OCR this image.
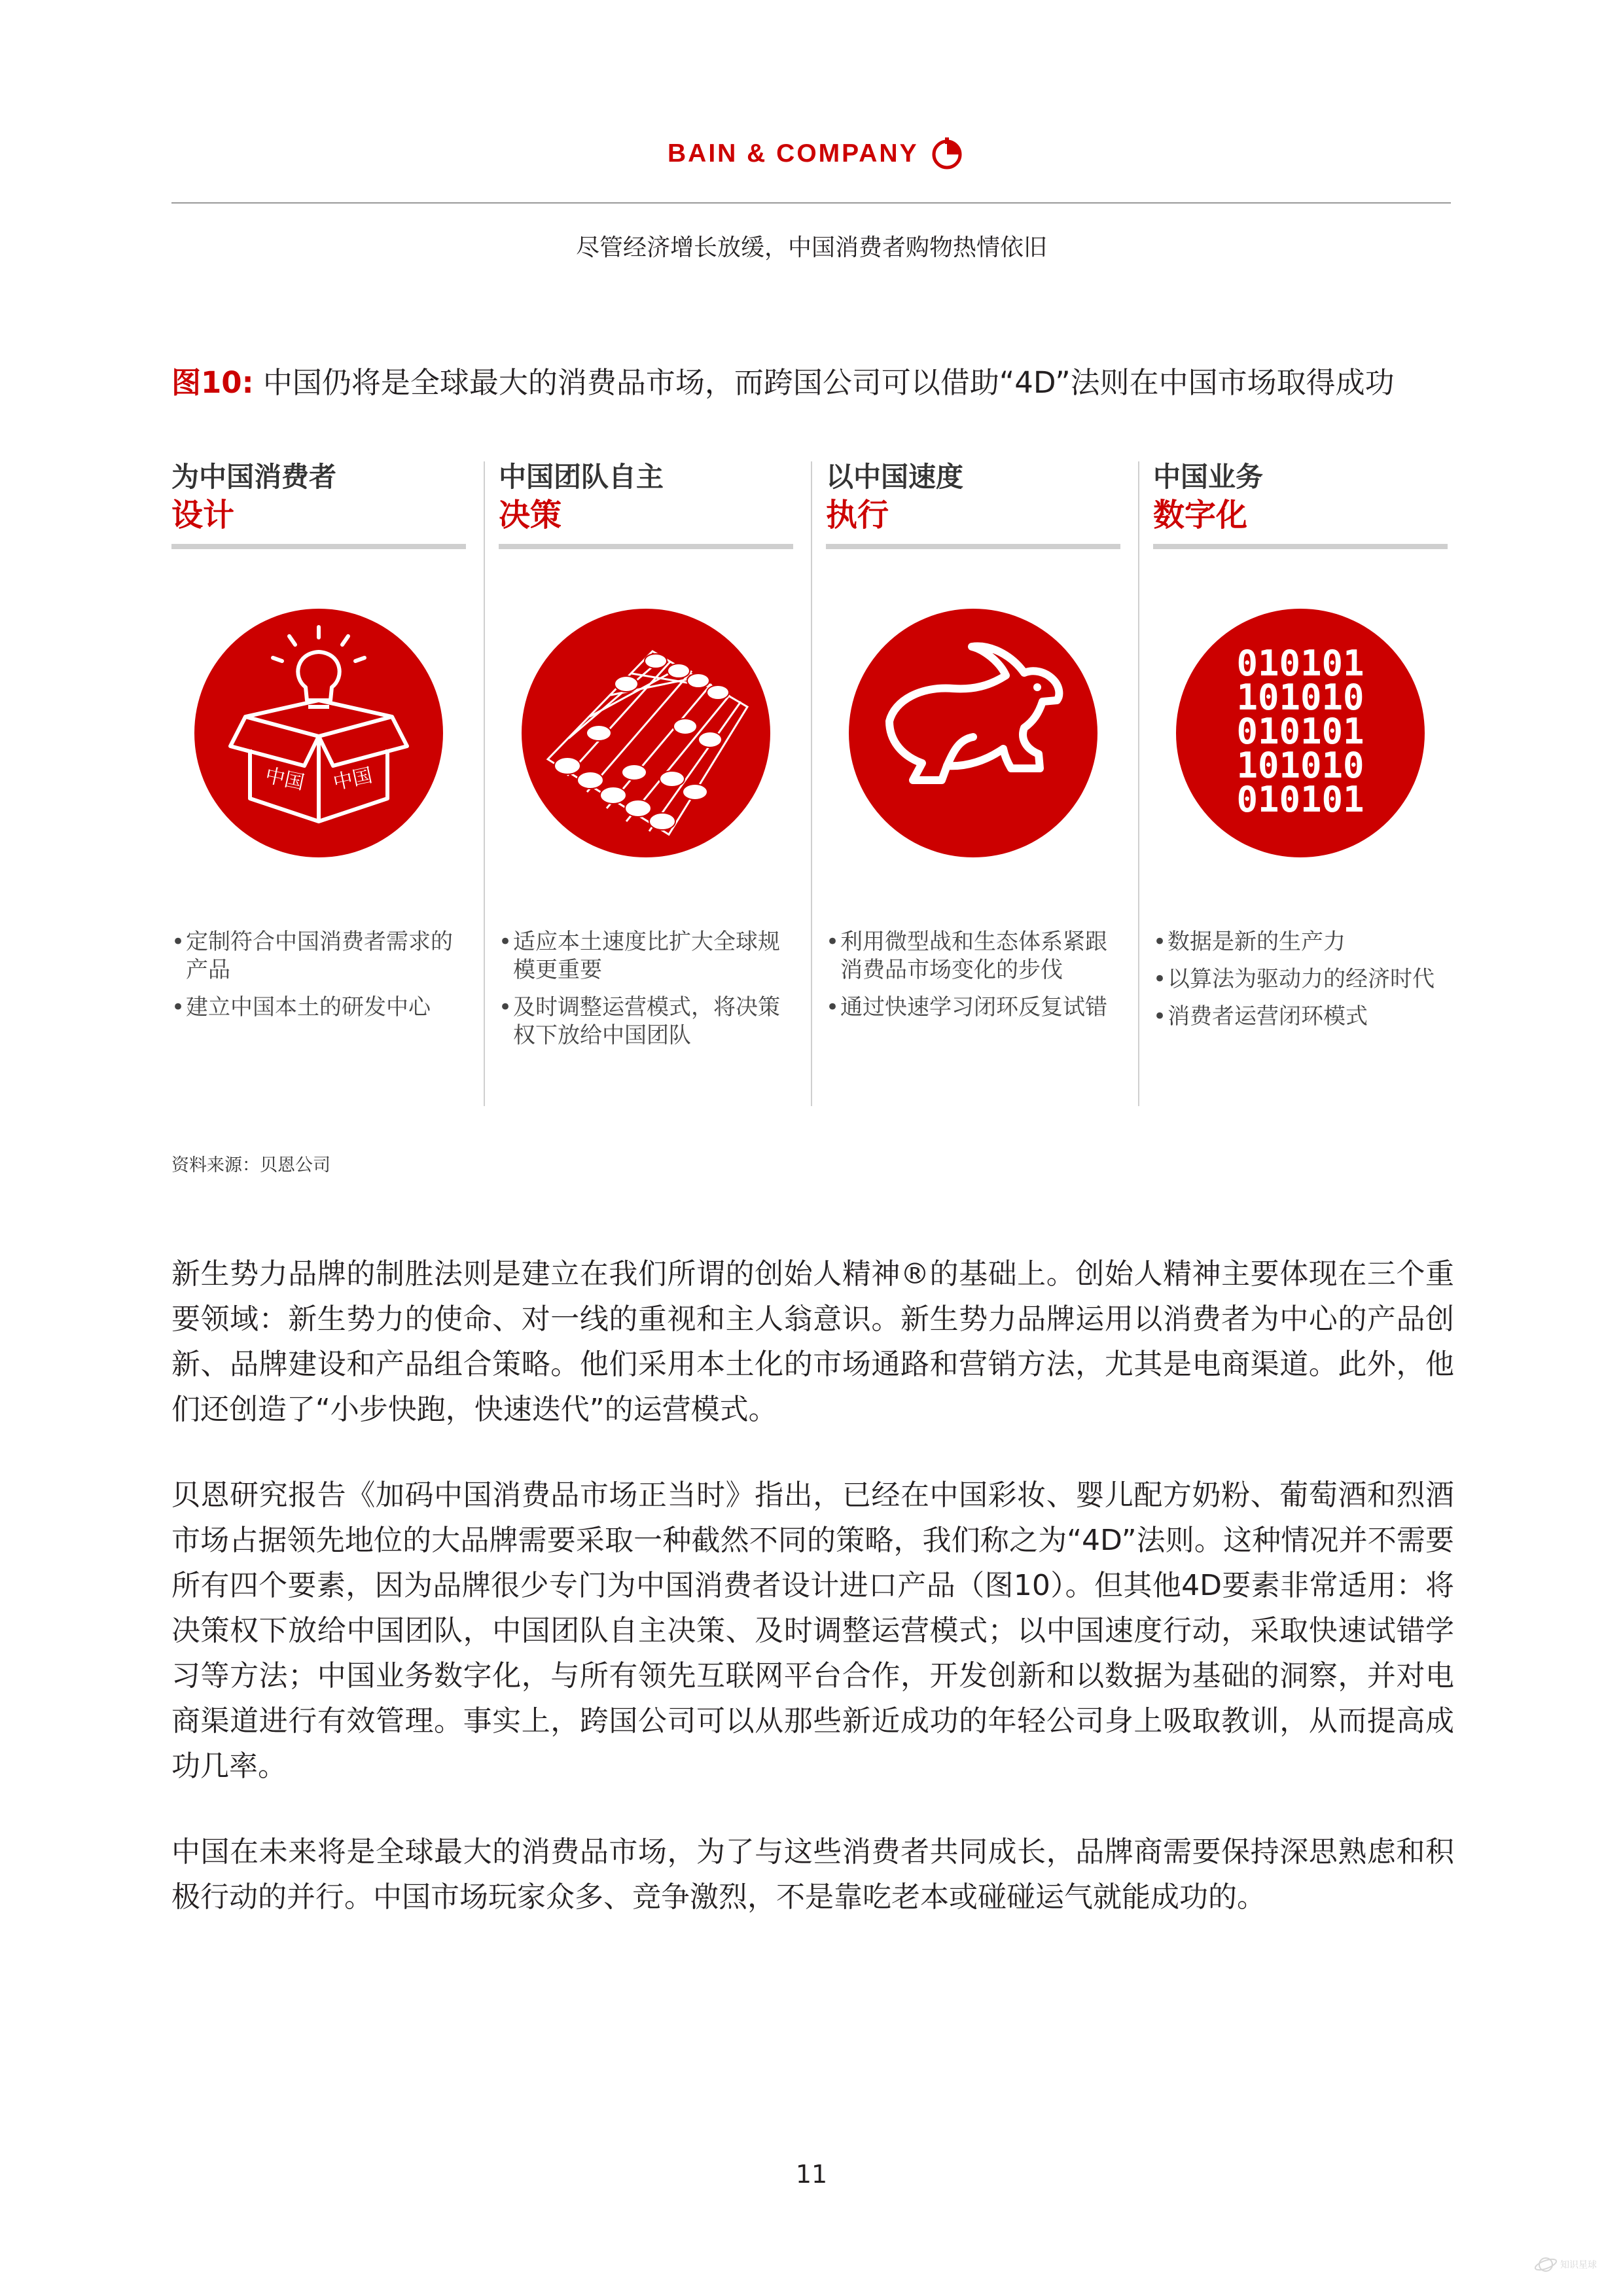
BAIN & COMPANY
尽管经济增长放缓，中国消费者购物热情依旧
图10: 中国仍将是全球最大的消费品市场，而跨国公司可以借助“4D”法则在中国市场取得成功
为中国消费者
设计
中国 中国
• 定制符合中国消费者需求的产品
• 建立中国本土的研发中心
中国团队自主
决策
• 适应本土速度比扩大全球规模更重要
• 及时调整运营模式，将决策权下放给中国团队
以中国速度
执行
• 利用微型战和生态体系紧跟消费品市场变化的步伐
• 通过快速学习闭环反复试错
中国业务
数字化
010101
101010
010101
101010
010101
• 数据是新的生产力
• 以算法为驱动力的经济时代
• 消费者运营闭环模式
资料来源：贝恩公司

新生势力品牌的制胜法则是建立在我们所谓的创始人精神®的基础上。创始人精神主要体现在三个重要领域：新生势力的使命、对一线的重视和主人翁意识。新生势力品牌运用以消费者为中心的产品创新、品牌建设和产品组合策略。他们采用本土化的市场通路和营销方法，尤其是电商渠道。此外，他们还创造了“小步快跑，快速迭代”的运营模式。

贝恩研究报告《加码中国消费品市场正当时》指出，已经在中国彩妆、婴儿配方奶粉、葡萄酒和烈酒市场占据领先地位的大品牌需要采取一种截然不同的策略，我们称之为“4D”法则。这种情况并不需要所有四个要素，因为品牌很少专门为中国消费者设计进口产品（图10）。但其他4D要素非常适用：将决策权下放给中国团队，中国团队自主决策、及时调整运营模式；以中国速度行动，采取快速试错学习等方法；中国业务数字化，与所有领先互联网平台合作，开发创新和以数据为基础的洞察，并对电商渠道进行有效管理。事实上，跨国公司可以从那些新近成功的年轻公司身上吸取教训，从而提高成功几率。

中国在未来将是全球最大的消费品市场，为了与这些消费者共同成长，品牌商需要保持深思熟虑和积极行动的并行。中国市场玩家众多、竞争激烈，不是靠吃老本或碰碰运气就能成功的。

11
知识星球
